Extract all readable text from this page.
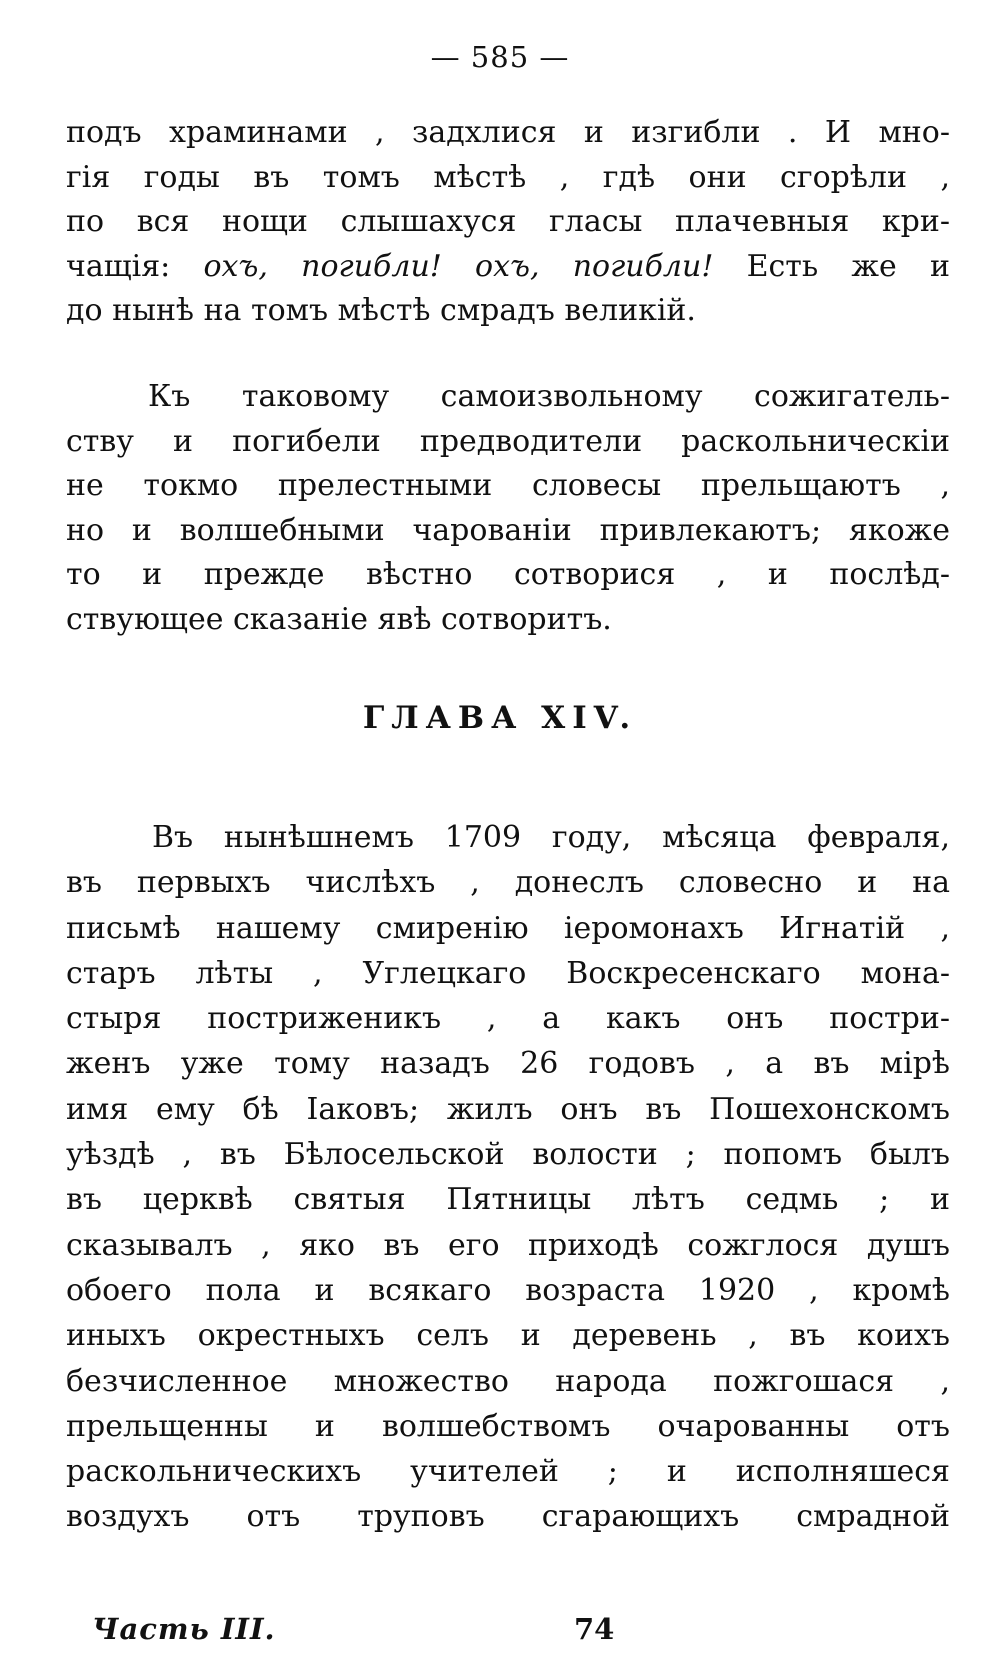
— 585 —
подъ храминами , задхлися и изгибли . И мно-
гія годы въ томъ мѣстѣ , гдѣ они сгорѣли ,
по вся нощи слышахуся гласы плачевныя кри-
чащія: охъ, погибли! охъ, погибли! Есть же и
до нынѣ на томъ мѣстѣ смрадъ великій.
Къ таковому самоизвольному сожигатель-
ству и погибели предводители раскольническіи
не токмо прелестными словесы прельщаютъ ,
но и волшебными чарованіи привлекаютъ; якоже
то и прежде вѣстно сотворися , и послѣд-
ствующее сказаніе явѣ сотворитъ.
ГЛАВА XIV.
Въ нынѣшнемъ 1709 году, мѣсяца февраля,
въ первыхъ числѣхъ , донеслъ словесно и на
письмѣ нашему смиренію іеромонахъ Игнатій ,
старъ лѣты , Углецкаго Воскресенскаго мона-
стыря постриженикъ , а какъ онъ постри-
женъ уже тому назадъ 26 годовъ , а въ мірѣ
имя ему бѣ Іаковъ; жилъ онъ въ Пошехонскомъ
уѣздѣ , въ Бѣлосельской волости ; попомъ былъ
въ церквѣ святыя Пятницы лѣтъ седмь ; и
сказывалъ , яко въ его приходѣ сожглося душъ
обоего пола и всякаго возраста 1920 , кромѣ
иныхъ окрестныхъ селъ и деревень , въ коихъ
безчисленное множество народа пожгошася ,
прельщенны и волшебствомъ очарованны отъ
раскольническихъ учителей ; и исполняшеся
воздухъ отъ труповъ сгарающихъ смрадной
Часть III.	74
